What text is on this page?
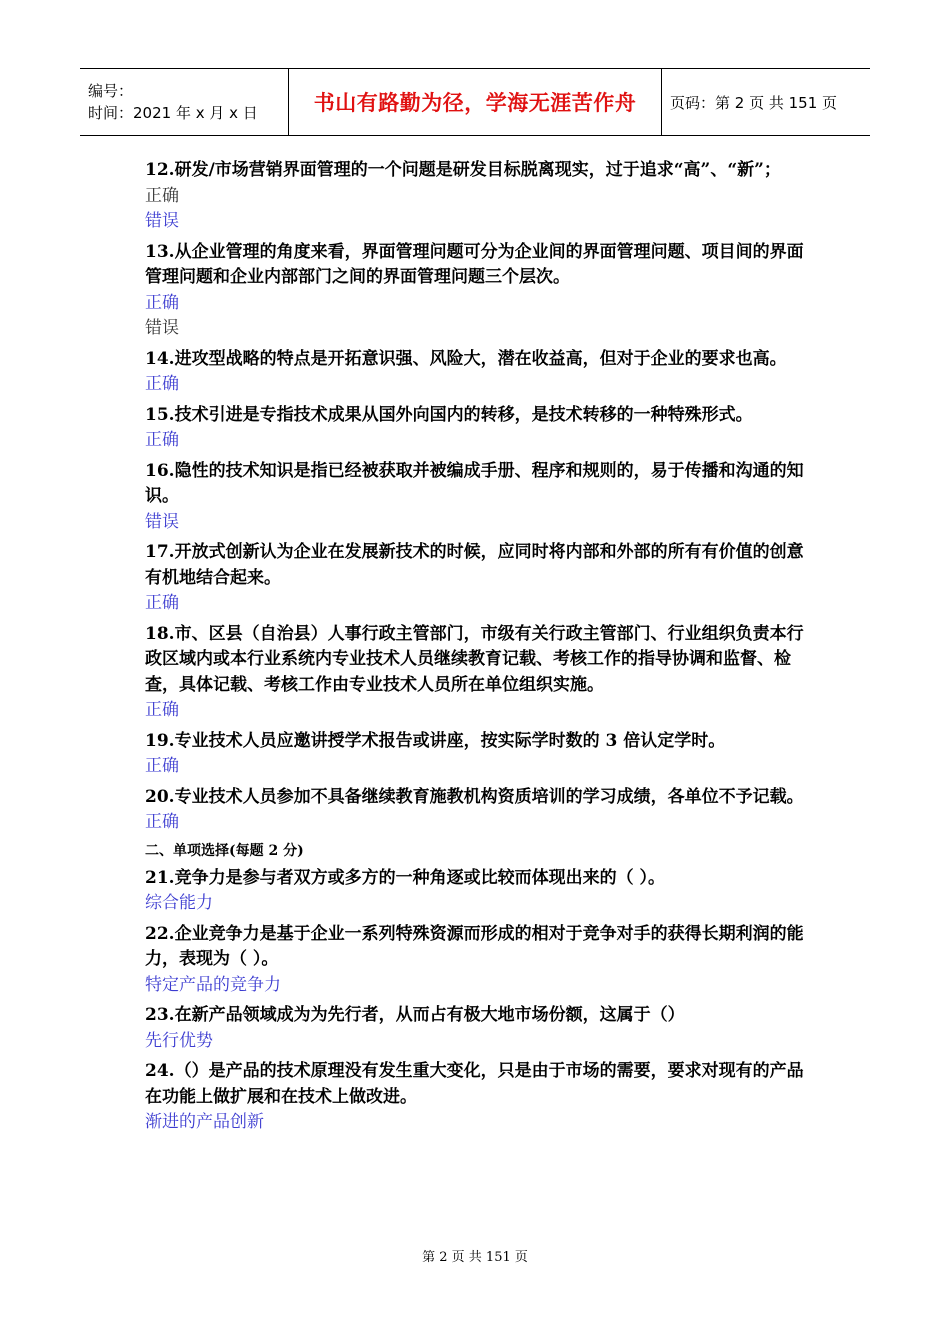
编号：
时间：2021 年 x 月 x 日	书山有路勤为径，学海无涯苦作舟	页码：第 2 页 共 151 页

12.研发/市场营销界面管理的一个问题是研发目标脱离现实，过于追求“高”、“新”；

正确

错误

13.从企业管理的角度来看，界面管理问题可分为企业间的界面管理问题、项目间的界面管理问题和企业内部部门之间的界面管理问题三个层次。

正确

错误

14.进攻型战略的特点是开拓意识强、风险大，潜在收益高，但对于企业的要求也高。

正确

15.技术引进是专指技术成果从国外向国内的转移，是技术转移的一种特殊形式。

正确

16.隐性的技术知识是指已经被获取并被编成手册、程序和规则的，易于传播和沟通的知识。

错误

17.开放式创新认为企业在发展新技术的时候，应同时将内部和外部的所有有价值的创意有机地结合起来。

正确

18.市、区县（自治县）人事行政主管部门，市级有关行政主管部门、行业组织负责本行政区域内或本行业系统内专业技术人员继续教育记载、考核工作的指导协调和监督、检查，具体记载、考核工作由专业技术人员所在单位组织实施。

正确

19.专业技术人员应邀讲授学术报告或讲座，按实际学时数的 3 倍认定学时。

正确

20.专业技术人员参加不具备继续教育施教机构资质培训的学习成绩，各单位不予记载。

正确

二、单项选择(每题 2 分)

21.竞争力是参与者双方或多方的一种角逐或比较而体现出来的（ ）。

综合能力

22.企业竞争力是基于企业一系列特殊资源而形成的相对于竞争对手的获得长期利润的能力，表现为（ ）。

特定产品的竞争力

23.在新产品领域成为为先行者，从而占有极大地市场份额，这属于（）

先行优势

24.（）是产品的技术原理没有发生重大变化，只是由于市场的需要，要求对现有的产品在功能上做扩展和在技术上做改进。

渐进的产品创新

第 2 页 共 151 页
